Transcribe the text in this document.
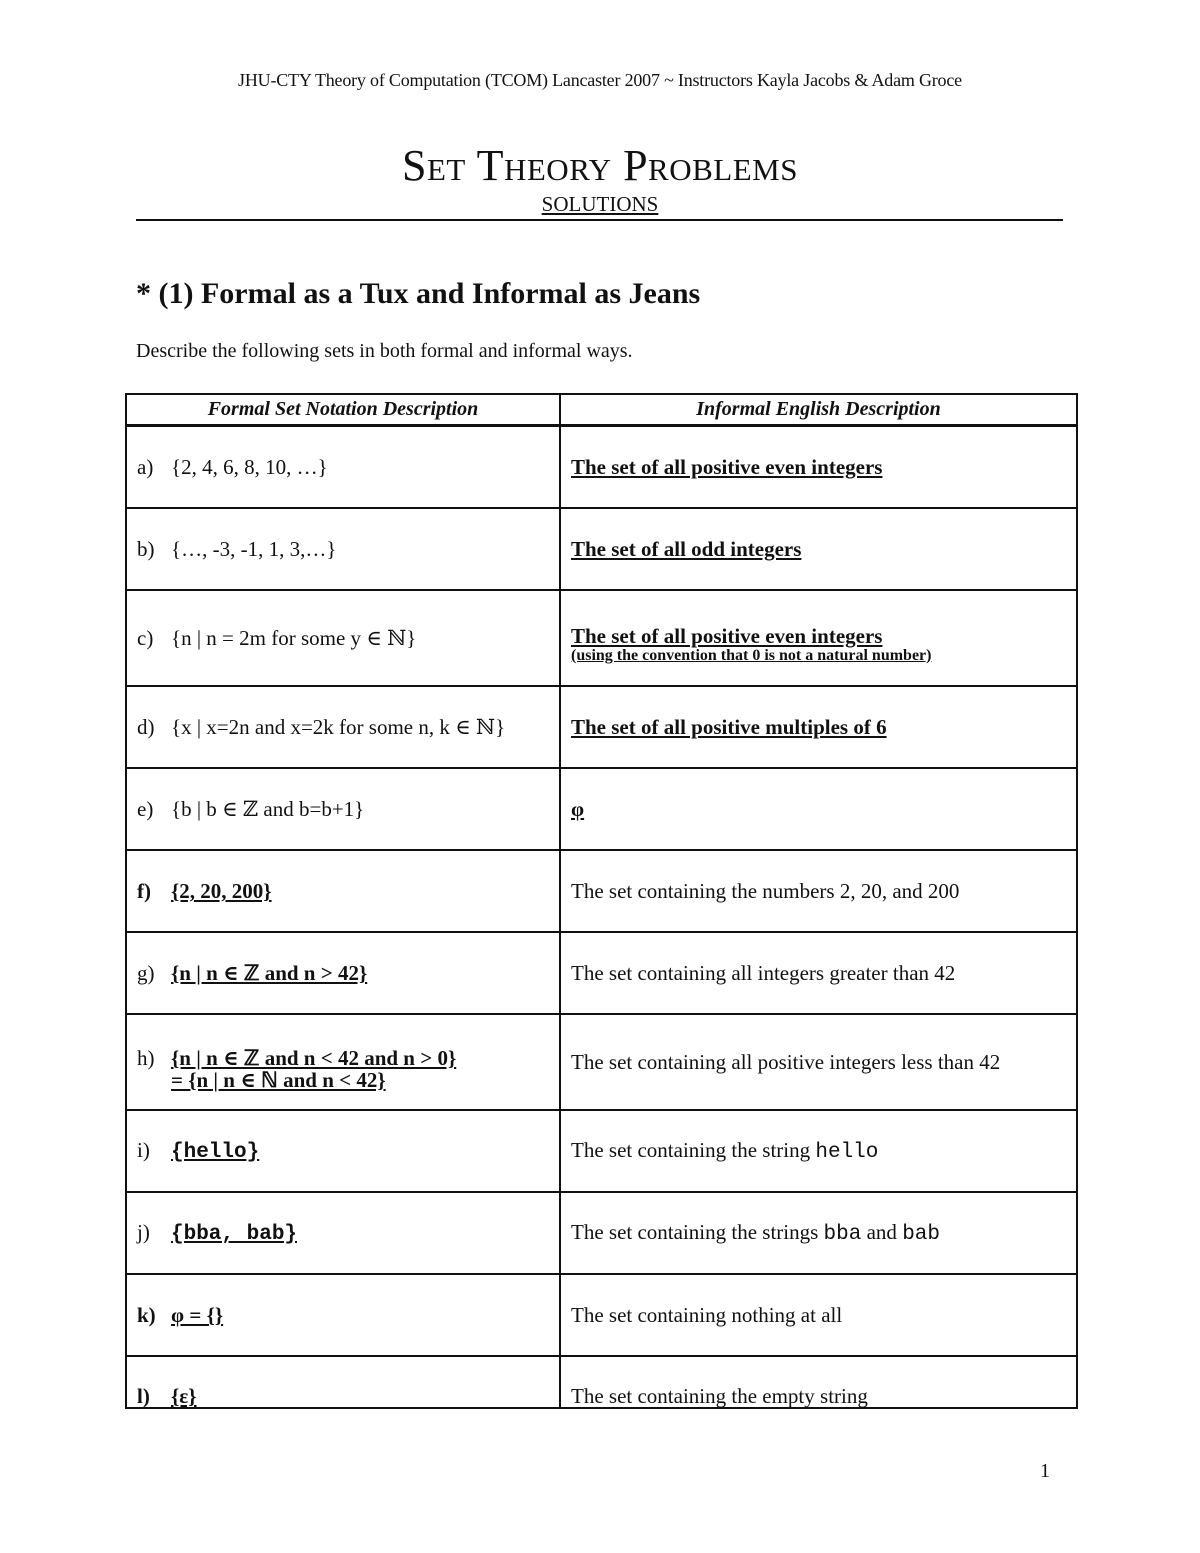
JHU-CTY Theory of Computation (TCOM) Lancaster 2007 ~ Instructors Kayla Jacobs & Adam Groce
SET THEORY PROBLEMS
SOLUTIONS
* (1) Formal as a Tux and Informal as Jeans
Describe the following sets in both formal and informal ways.
Formal Set Notation Description	Informal English Description
a) {2, 4, 6, 8, 10, …}	The set of all positive even integers
b) {…, -3, -1, 1, 3,…}	The set of all odd integers
c) {n | n = 2m for some y ∈ ℕ}	The set of all positive even integers
(using the convention that 0 is not a natural number)

d) {x | x=2n and x=2k for some n, k ∈ ℕ}	The set of all positive multiples of 6
e) {b | b ∈ ℤ and b=b+1}	φ
f) {2, 20, 200}	The set containing the numbers 2, 20, and 200
g) {n | n ∈ ℤ and n > 42}	The set containing all integers greater than 42
h) {n | n ∈ ℤ and n < 42 and n > 0}
= {n | n ∈ ℕ and n < 42}	The set containing all positive integers less than 42
i) {hello}	The set containing the string hello
j) {bba, bab}	The set containing the strings bba and bab
k) φ = {}	The set containing nothing at all
l) {ε}	The set containing the empty string
1
